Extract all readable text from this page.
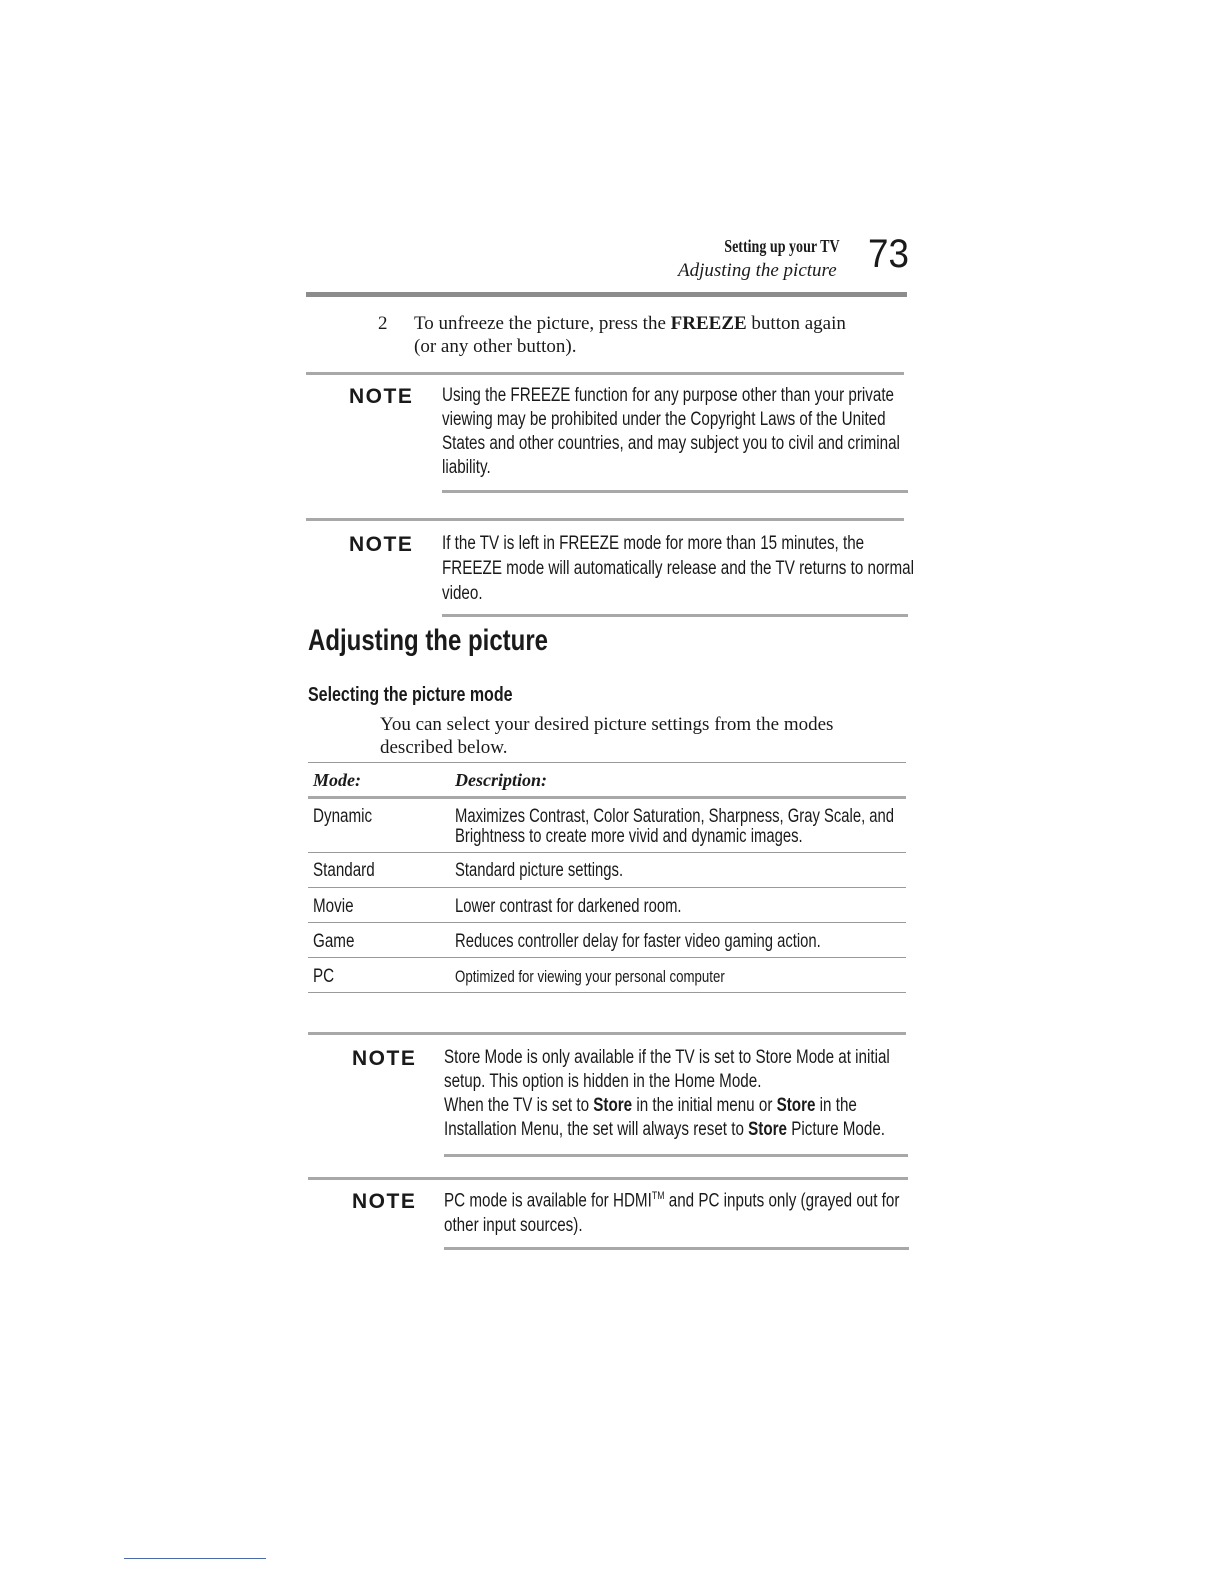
Setting up your TV
Adjusting the picture 73
2 To unfreeze the picture, press the FREEZE button again
(or any other button).
NOTE Using the FREEZE function for any purpose other than your private
viewing may be prohibited under the Copyright Laws of the United
States and other countries, and may subject you to civil and criminal
liability.
NOTE If the TV is left in FREEZE mode for more than 15 minutes, the
FREEZE mode will automatically release and the TV returns to normal
video.
Adjusting the picture
Selecting the picture mode
You can select your desired picture settings from the modes
described below.
Mode:	Description:
Dynamic	Maximizes Contrast, Color Saturation, Sharpness, Gray Scale, and
Brightness to create more vivid and dynamic images.
Standard	Standard picture settings.
Movie	Lower contrast for darkened room.
Game	Reduces controller delay for faster video gaming action.
PC	Optimized for viewing your personal computer
NOTE Store Mode is only available if the TV is set to Store Mode at initial
setup. This option is hidden in the Home Mode.
When the TV is set to Store in the initial menu or Store in the
Installation Menu, the set will always reset to Store Picture Mode.
NOTE PC mode is available for HDMI™ and PC inputs only (grayed out for
other input sources).
